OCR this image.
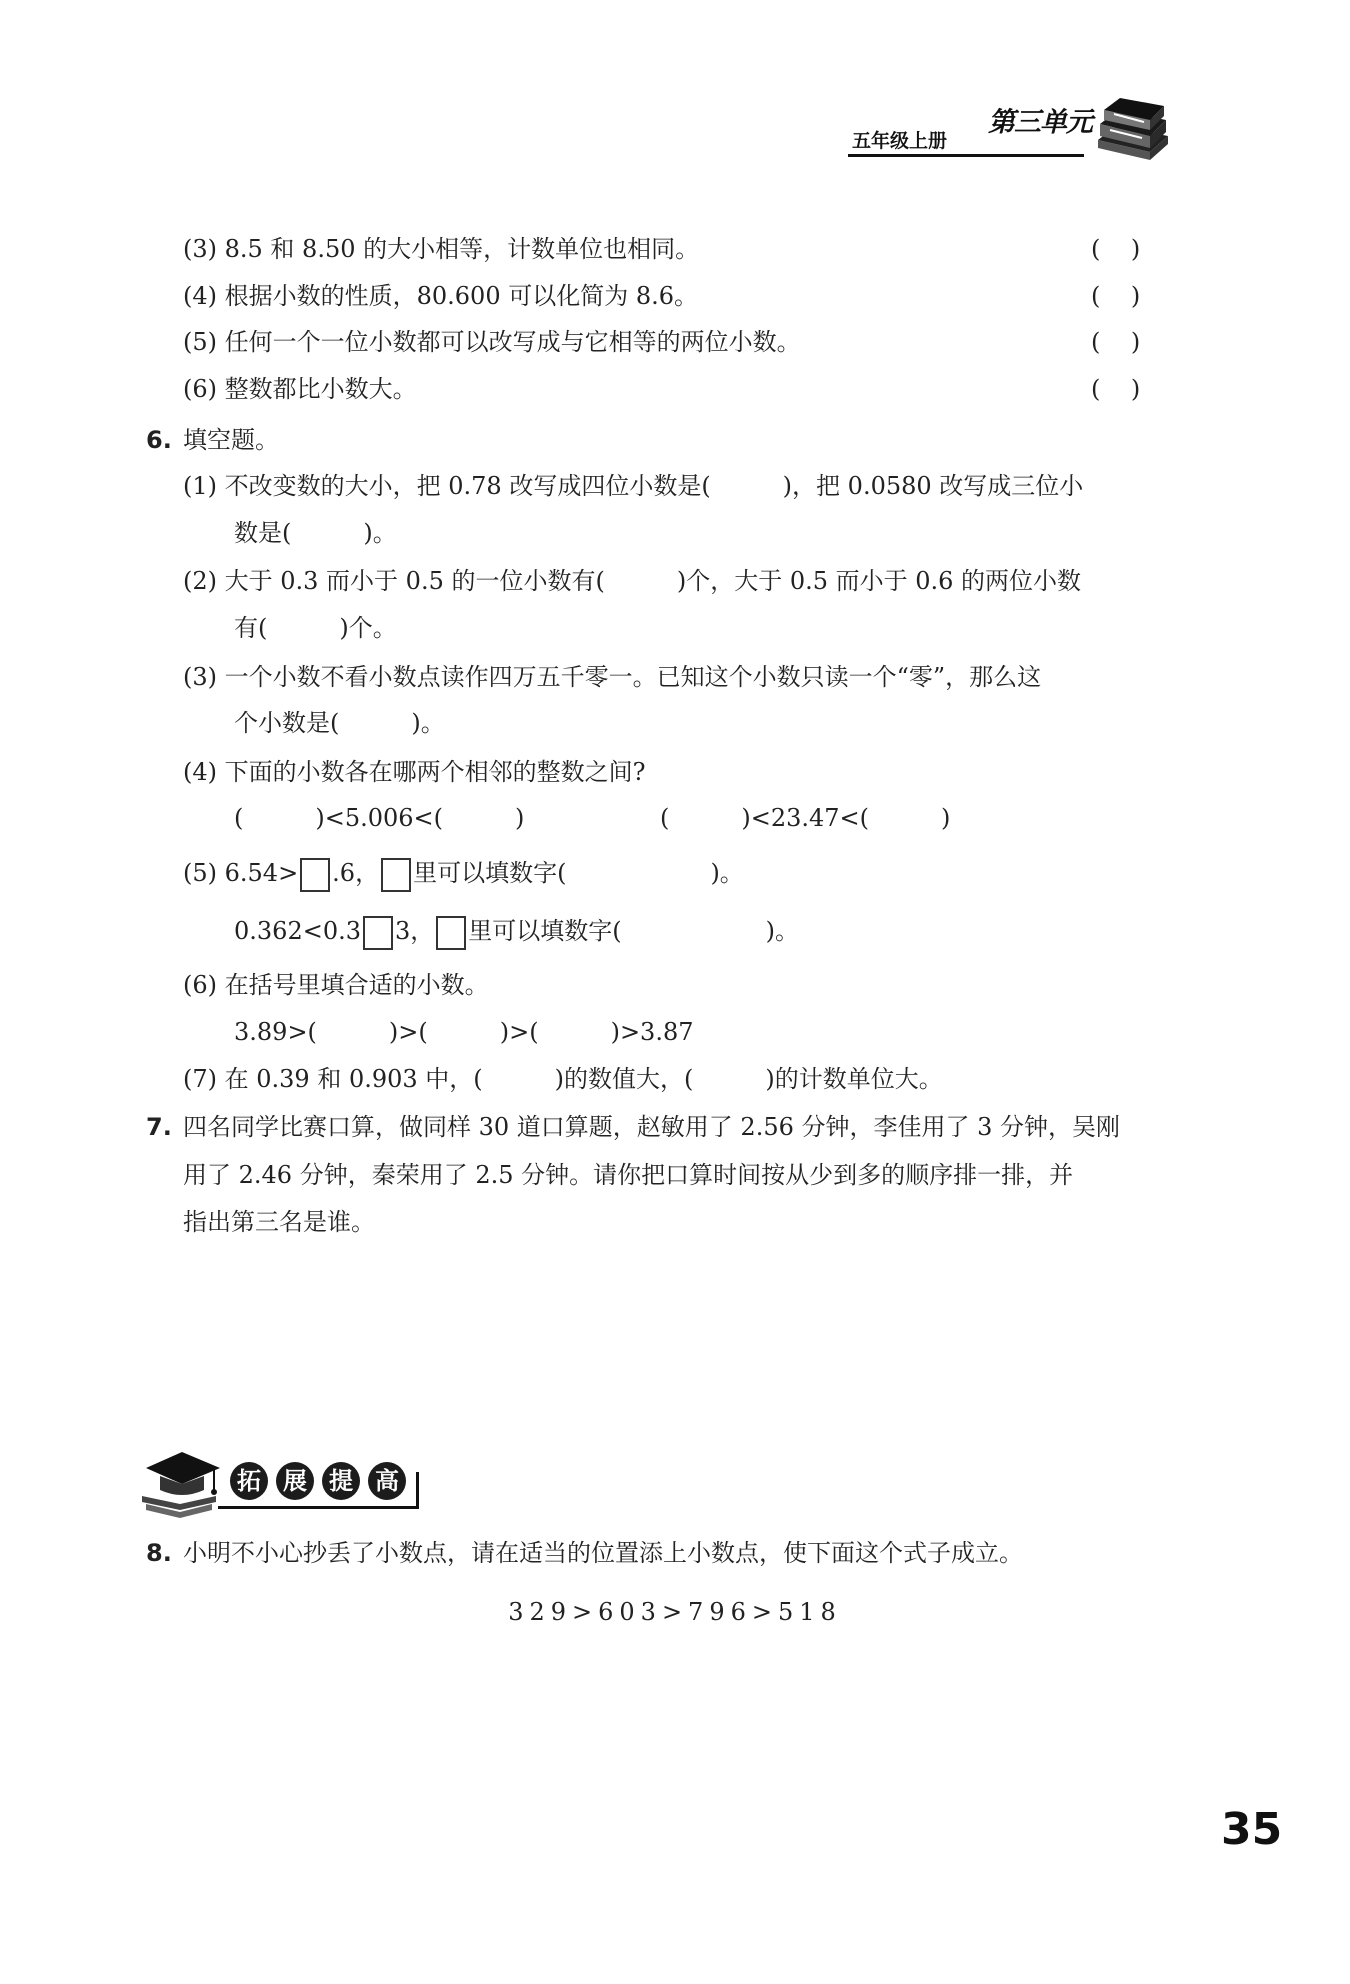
五年级上册
第三单元
(3) 8.5 和 8.50 的大小相等，计数单位也相同。	(    )
(4) 根据小数的性质，80.600 可以化简为 8.6。	(    )
(5) 任何一个一位小数都可以改写成与它相等的两位小数。	(    )
(6) 整数都比小数大。	(    )
6. 填空题。
(1) 不改变数的大小，把 0.78 改写成四位小数是(　　　)，把 0.0580 改写成三位小
数是(　　　)。
(2) 大于 0.3 而小于 0.5 的一位小数有(　　　)个，大于 0.5 而小于 0.6 的两位小数
有(　　　)个。
(3) 一个小数不看小数点读作四万五千零一。已知这个小数只读一个“零”，那么这
个小数是(　　　)。
(4) 下面的小数各在哪两个相邻的整数之间?
(　　　)<5.006<(　　　)	(　　　)<23.47<(　　　)
(5) 6.54> .6， 里可以填数字(　　　　　　)。
0.362<0.3 3， 里可以填数字(　　　　　　)。
(6) 在括号里填合适的小数。
3.89>(　　　)>(　　　)>(　　　)>3.87
(7) 在 0.39 和 0.903 中，(　　　)的数值大，(　　　)的计数单位大。
7. 四名同学比赛口算，做同样 30 道口算题，赵敏用了 2.56 分钟，李佳用了 3 分钟，吴刚
用了 2.46 分钟，秦荣用了 2.5 分钟。请你把口算时间按从少到多的顺序排一排，并
指出第三名是谁。
拓 展 提 高
8. 小明不小心抄丢了小数点，请在适当的位置添上小数点，使下面这个式子成立。
329>603>796>518
35
